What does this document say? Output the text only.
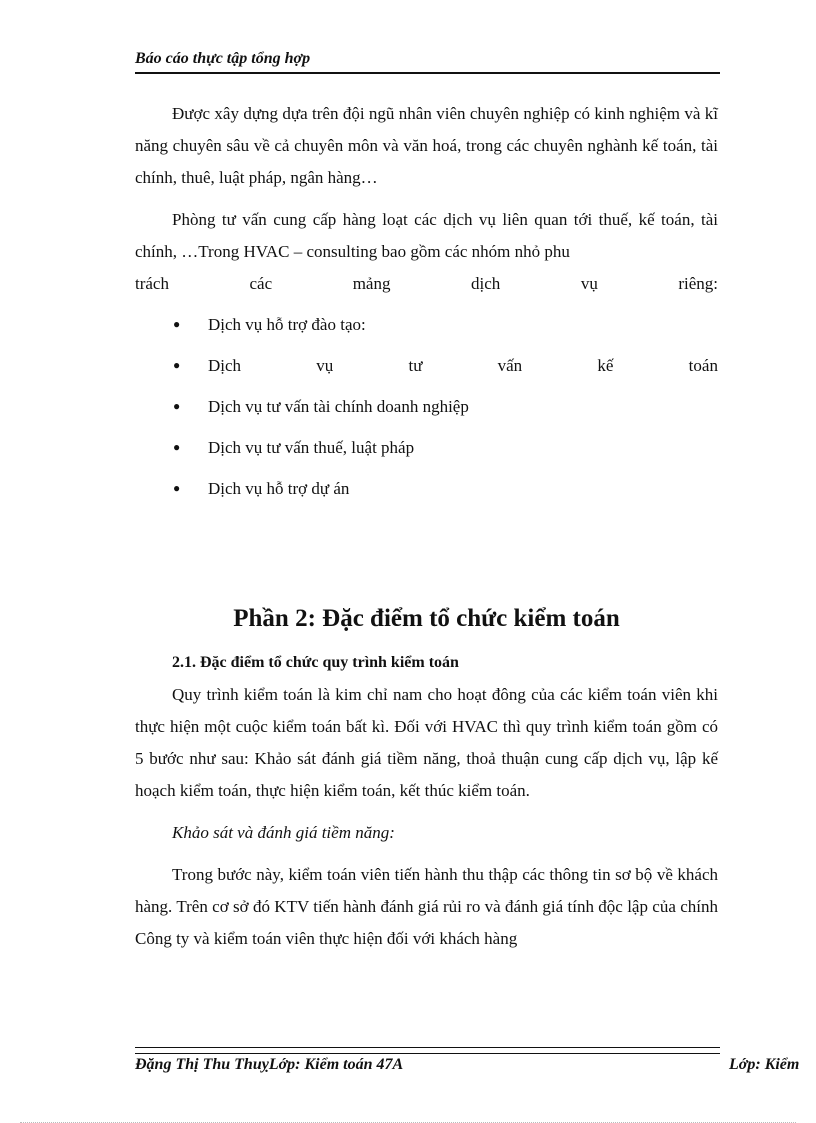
Báo cáo thực tập tổng hợp

Được xây dựng dựa trên đội ngũ nhân viên chuyên nghiệp có kinh nghiệm và kĩ năng chuyên sâu về cả chuyên môn và văn hoá, trong các chuyên nghành kế toán, tài chính, thuê, luật pháp, ngân hàng…

Phòng tư vấn cung cấp hàng loạt các dịch vụ liên quan tới thuế, kế toán, tài chính, …Trong HVAC – consulting bao gồm các nhóm nhỏ phu

trách	các	mảng	dịch	vụ	riêng:
● Dịch vụ hỗ trợ đào tạo:
● Dịch	vụ	tư	vấn	kế	toán
● Dịch vụ tư vấn tài chính doanh nghiệp
● Dịch vụ tư vấn thuế, luật pháp
● Dịch vụ hỗ trợ dự án
Phần 2: Đặc điểm tổ chức kiểm toán
2.1. Đặc điểm tổ chức quy trình kiểm toán

Quy trình kiểm toán là kim chỉ nam cho hoạt đông của các kiểm toán viên khi thực hiện một cuộc kiểm toán bất kì. Đối với HVAC thì quy trình kiểm toán gồm có 5 bước như sau: Khảo sát đánh giá tiềm năng, thoả thuận cung cấp dịch vụ, lập kế hoạch kiểm toán, thực hiện kiểm toán, kết thúc kiểm toán.

Khảo sát và đánh giá tiềm năng:

Trong bước này, kiểm toán viên tiến hành thu thập các thông tin sơ bộ về khách hàng. Trên cơ sở đó KTV tiến hành đánh giá rủi ro và đánh giá tính độc lập của chính Công ty và kiểm toán viên thực hiện đối với khách hàng

Đặng Thị Thu ThuỵLớp: Kiểm toán 47A	Lớp: Kiểm
